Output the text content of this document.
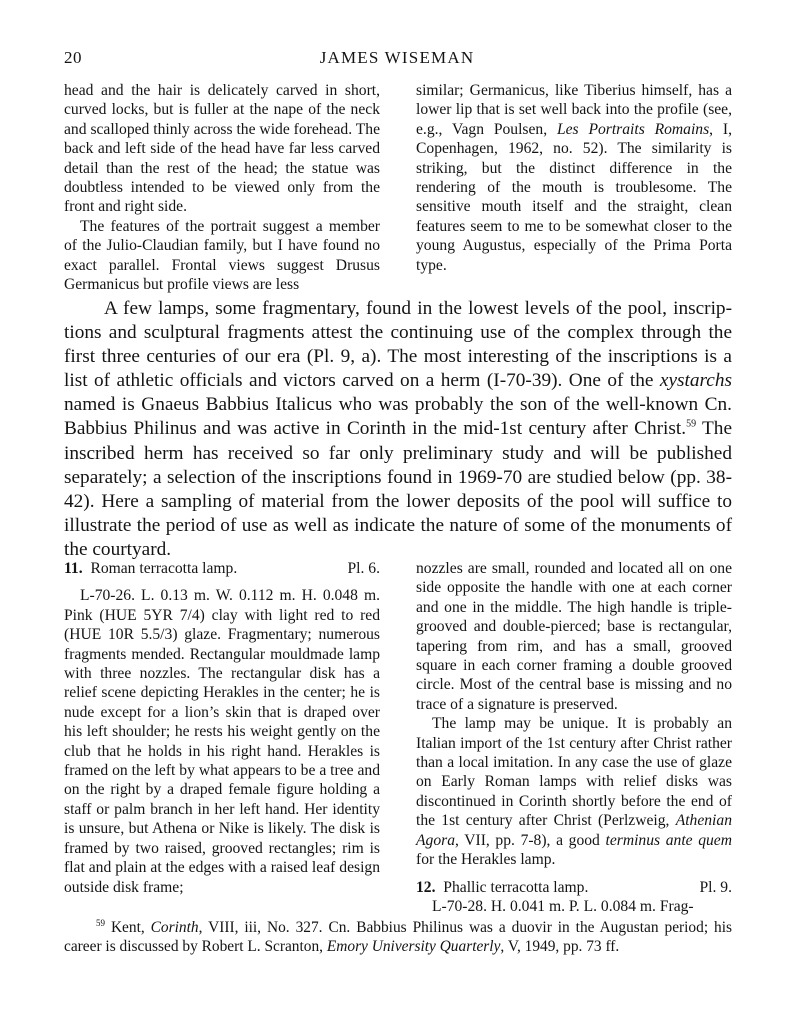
20	JAMES WISEMAN

head and the hair is delicately carved in short, curved locks, but is fuller at the nape of the neck and scalloped thinly across the wide forehead. The back and left side of the head have far less carved detail than the rest of the head; the statue was doubtless intended to be viewed only from the front and right side.

The features of the portrait suggest a member of the Julio-Claudian family, but I have found no exact parallel. Frontal views suggest Drusus Germanicus but profile views are less

similar; Germanicus, like Tiberius himself, has a lower lip that is set well back into the profile (see, e.g., Vagn Poulsen, Les Portraits Romains, I, Copenhagen, 1962, no. 52). The similarity is striking, but the distinct difference in the rendering of the mouth is troublesome. The sensitive mouth itself and the straight, clean features seem to me to be somewhat closer to the young Augustus, especially of the Prima Porta type.

A few lamps, some fragmentary, found in the lowest levels of the pool, inscriptions and sculptural fragments attest the continuing use of the complex through the first three centuries of our era (Pl. 9, a). The most interesting of the inscriptions is a list of athletic officials and victors carved on a herm (I-70-39). One of the xystarchs named is Gnaeus Babbius Italicus who was probably the son of the well-known Cn. Babbius Philinus and was active in Corinth in the mid-1st century after Christ.$^{59}$ The inscribed herm has received so far only preliminary study and will be published separately; a selection of the inscriptions found in 1969-70 are studied below (pp. 38-42). Here a sampling of material from the lower deposits of the pool will suffice to illustrate the period of use as well as indicate the nature of some of the monuments of the courtyard.

11. Roman terracotta lamp.	Pl. 6.

L-70-26. L. 0.13 m. W. 0.112 m. H. 0.048 m. Pink (HUE 5YR 7/4) clay with light red to red (HUE 10R 5.5/3) glaze. Fragmentary; numerous fragments mended. Rectangular mouldmade lamp with three nozzles. The rectangular disk has a relief scene depicting Herakles in the center; he is nude except for a lion’s skin that is draped over his left shoulder; he rests his weight gently on the club that he holds in his right hand. Herakles is framed on the left by what appears to be a tree and on the right by a draped female figure holding a staff or palm branch in her left hand. Her identity is unsure, but Athena or Nike is likely. The disk is framed by two raised, grooved rectangles; rim is flat and plain at the edges with a raised leaf design outside disk frame;

nozzles are small, rounded and located all on one side opposite the handle with one at each corner and one in the middle. The high handle is triple-grooved and double-pierced; base is rectangular, tapering from rim, and has a small, grooved square in each corner framing a double grooved circle. Most of the central base is missing and no trace of a signature is preserved.

The lamp may be unique. It is probably an Italian import of the 1st century after Christ rather than a local imitation. In any case the use of glaze on Early Roman lamps with relief disks was discontinued in Corinth shortly before the end of the 1st century after Christ (Perlzweig, Athenian Agora, VII, pp. 7-8), a good terminus ante quem for the Herakles lamp.

12. Phallic terracotta lamp.	Pl. 9.

L-70-28. H. 0.041 m. P. L. 0.084 m. Frag-

$^{59}$ Kent, Corinth, VIII, iii, No. 327. Cn. Babbius Philinus was a duovir in the Augustan period; his career is discussed by Robert L. Scranton, Emory University Quarterly, V, 1949, pp. 73 ff.
